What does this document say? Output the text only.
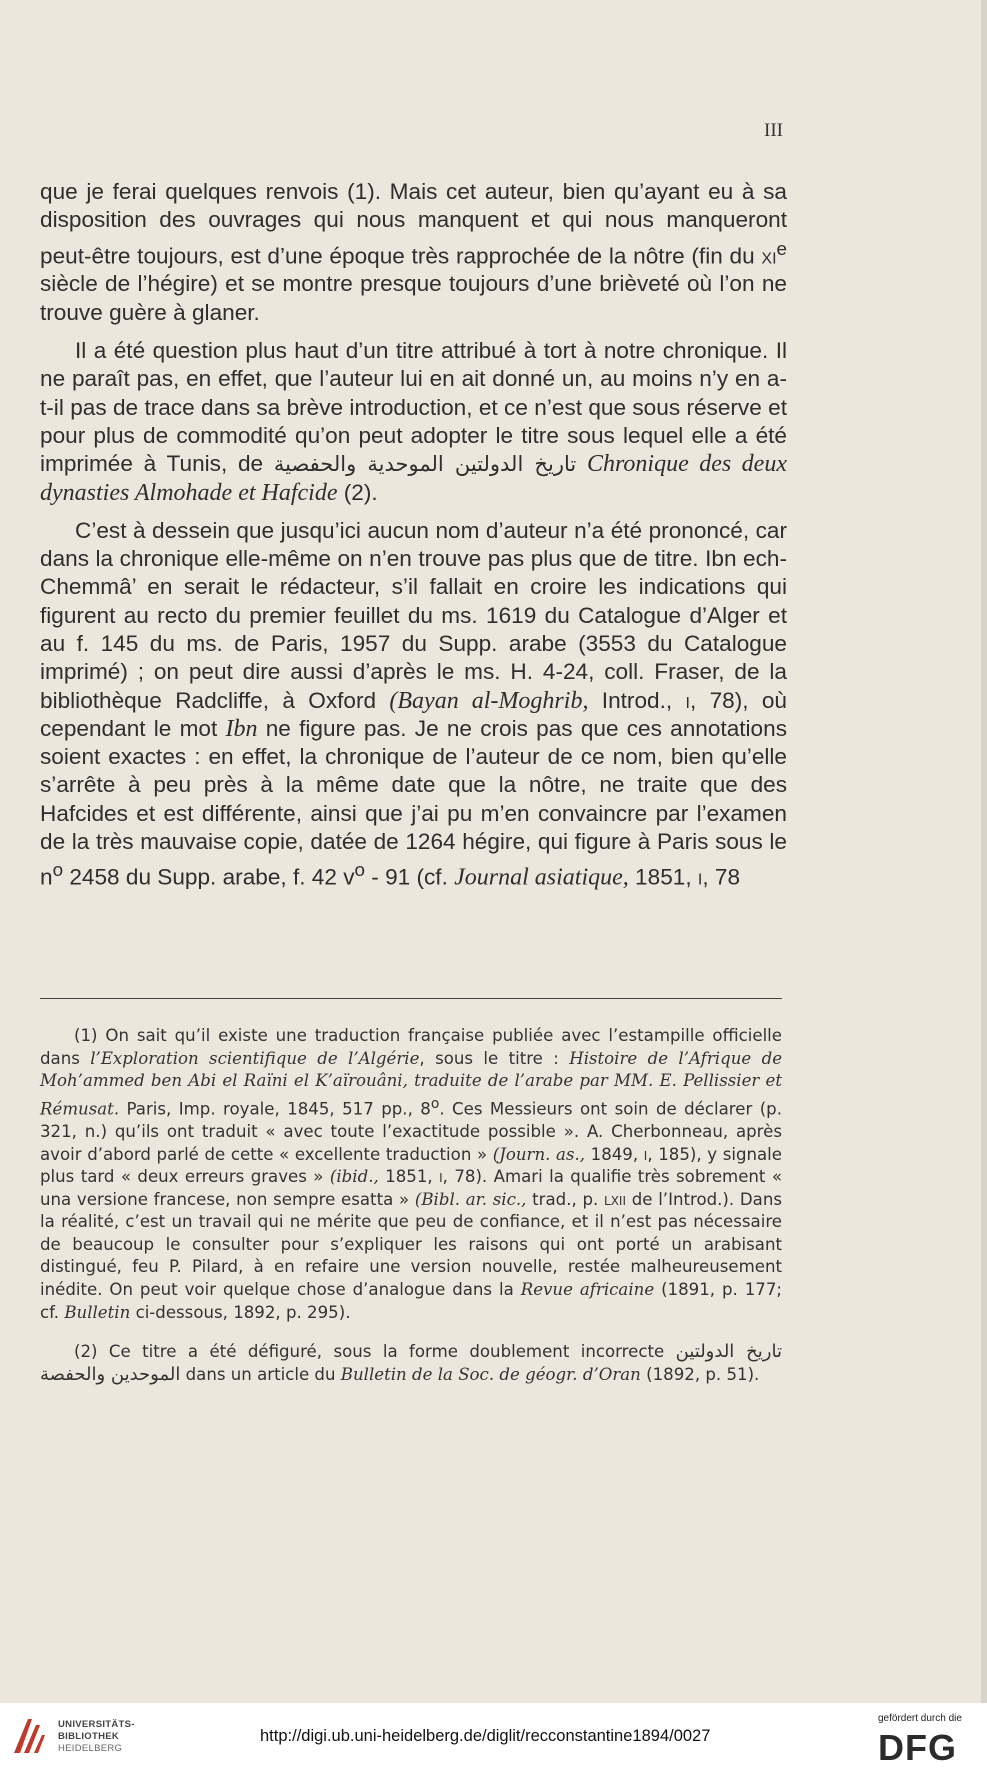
III

que je ferai quelques renvois (1). Mais cet auteur, bien qu’ayant eu à sa disposition des ouvrages qui nous manquent et qui nous manqueront peut-être toujours, est d’une époque très rapprochée de la nôtre (fin du $xi^e$ siècle de l’hégire) et se montre presque toujours d’une brièveté où l’on ne trouve guère à glaner.

Il a été question plus haut d’un titre attribué à tort à notre chronique. Il ne paraît pas, en effet, que l’auteur lui en ait donné un, au moins n’y en a-t-il pas de trace dans sa brève introduction, et ce n’est que sous réserve et pour plus de commodité qu’on peut adopter le titre sous lequel elle a été imprimée à Tunis, de تاريخ الدولتين الموحدية والحفصية Chronique des deux dynasties Almohade et Hafcide (2).

C’est à dessein que jusqu’ici aucun nom d’auteur n’a été prononcé, car dans la chronique elle-même on n’en trouve pas plus que de titre. Ibn ech-Chemmâ’ en serait le rédacteur, s’il fallait en croire les indications qui figurent au recto du premier feuillet du ms. 1619 du Catalogue d’Alger et au f. 145 du ms. de Paris, 1957 du Supp. arabe (3553 du Catalogue imprimé) ; on peut dire aussi d’après le ms. H. 4-24, coll. Fraser, de la bibliothèque Radcliffe, à Oxford (Bayan al-Moghrib, Introd., i, 78), où cependant le mot Ibn ne figure pas. Je ne crois pas que ces annotations soient exactes : en effet, la chronique de l’auteur de ce nom, bien qu’elle s’arrête à peu près à la même date que la nôtre, ne traite que des Hafcides et est différente, ainsi que j’ai pu m’en convaincre par l’examen de la très mauvaise copie, datée de 1264 hégire, qui figure à Paris sous le $n^o$ 2458 du Supp. arabe, f. 42 $v^o - 91$ (cf. Journal asiatique, 1851, i, 78

(1) On sait qu’il existe une traduction française publiée avec l’estampille officielle dans l’Exploration scientifique de l’Algérie, sous le titre : Histoire de l’Afrique de Moh’ammed ben Abi el Raïni el K’aïrouâni, traduite de l’arabe par MM. E. Pellissier et Rémusat. Paris, Imp. royale, 1845, 517 pp., 8$^o$. Ces Messieurs ont soin de déclarer (p. 321, n.) qu’ils ont traduit « avec toute l’exactitude possible ». A. Cherbonneau, après avoir d’abord parlé de cette « excellente traduction » (Journ. as., 1849, i, 185), y signale plus tard « deux erreurs graves » (ibid., 1851, i, 78). Amari la qualifie très sobrement « una versione francese, non sempre esatta » (Bibl. ar. sic., trad., p. lxii de l’Introd.). Dans la réalité, c’est un travail qui ne mérite que peu de confiance, et il n’est pas nécessaire de beaucoup le consulter pour s’expliquer les raisons qui ont porté un arabisant distingué, feu P. Pilard, à en refaire une version nouvelle, restée malheureusement inédite. On peut voir quelque chose d’analogue dans la Revue africaine (1891, p. 177; cf. Bulletin ci-dessous, 1892, p. 295).

(2) Ce titre a été défiguré, sous la forme doublement incorrecte تاريخ الدولتين الموحدين والحفصة dans un article du Bulletin de la Soc. de géogr. d’Oran (1892, p. 51).

UNIVERSITÄTS-
BIBLIOTHEK
HEIDELBERG
http://digi.ub.uni-heidelberg.de/diglit/recconstantine1894/0027
gefördert durch die
DFG
